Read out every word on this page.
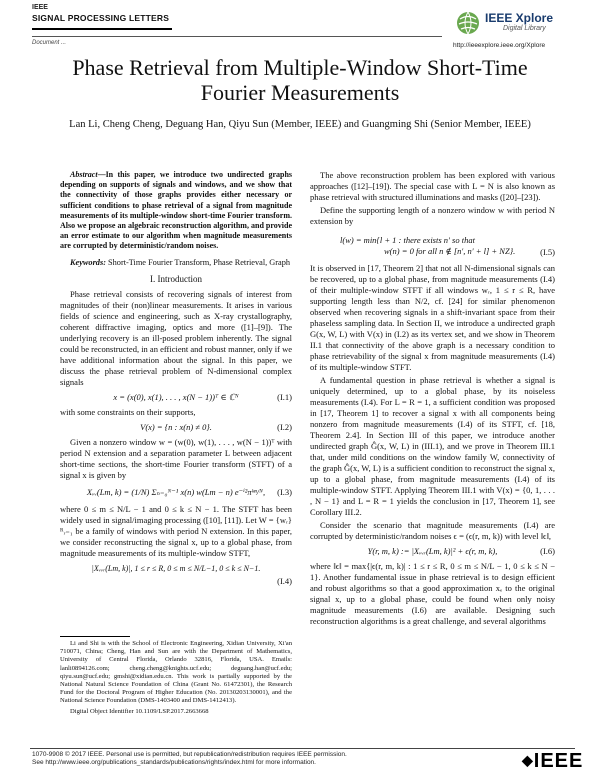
IEEE
SIGNAL PROCESSING LETTERS
Document ...
IEEE Xplore
Digital Library
http://ieeexplore.ieee.org/Xplore
Phase Retrieval from Multiple-Window Short-Time
Fourier Measurements
Lan Li, Cheng Cheng, Deguang Han, Qiyu Sun (Member, IEEE) and Guangming Shi (Senior Member, IEEE)

Abstract—In this paper, we introduce two undirected graphs depending on supports of signals and windows, and we show that the connectivity of those graphs provides either necessary or sufficient conditions to phase retrieval of a signal from magnitude measurements of its multiple-window short-time Fourier transform. Also we propose an algebraic reconstruction algorithm, and provide an error estimate to our algorithm when magnitude measurements are corrupted by deterministic/random noises.

Keywords: Short-Time Fourier Transform, Phase Retrieval, Graph

I. Introduction

Phase retrieval consists of recovering signals of interest from magnitudes of their (non)linear measurements. It arises in various fields of science and engineering, such as X-ray crystallography, coherent diffractive imaging, optics and more ([1]–[9]). The underlying recovery is an ill-posed problem inherently. The signal could be reconstructed, in an efficient and robust manner, only if we have additional information about the signal. In this paper, we discuss the phase retrieval problem of N-dimensional complex signals

x = (x(0), x(1), . . . , x(N − 1))ᵀ ∈ ℂᴺ	(I.1)

with some constraints on their supports,

V(x) = {n : x(n) ≠ 0}.	(I.2)

Given a nonzero window w = (w(0), w(1), . . . , w(N − 1))ᵀ with period N extension and a separation parameter L between adjacent short-time sections, the short-time Fourier transform (STFT) of a signal x is given by

Xᵥᵥ(Lm, k) = (1/N) Σₙ₌₀ᴺ⁻¹ x(n) w(Lm − n) e⁻ⁱ²πᵏⁿ/ᴺ, (I.3)

where 0 ≤ m ≤ N/L − 1 and 0 ≤ k ≤ N − 1. The STFT has been widely used in signal/imaging processing ([10], [11]). Let W = {wᵣ}ᴿᵣ₌₁ be a family of windows with period N extension. In this paper, we consider reconstructing the signal x, up to a global phase, from magnitude measurements of its multiple-window STFT,

|Xᵥᵥᵣ(Lm, k)|, 1 ≤ r ≤ R, 0 ≤ m ≤ N/L−1, 0 ≤ k ≤ N−1.
(I.4)

Li and Shi is with the School of Electronic Engineering, Xidian University, Xi'an 710071, China; Cheng, Han and Sun are with the Department of Mathematics, University of Central Florida, Orlando 32816, Florida, USA. Emails: lanli0894126.com; cheng.cheng@knights.ucf.edu; deguang.han@ucf.edu; qiyu.sun@ucf.edu; gmshi@xidian.edu.cn. This work is partially supported by the National Natural Science Foundation of China (Grant No. 61472301), the Research Fund for the Doctoral Program of Higher Education (No. 20130203130001), and the National Science Foundation (DMS-1403400 and DMS-1412413).

Digital Object Identifier 10.1109/LSP.2017.2663668

The above reconstruction problem has been explored with various approaches ([12]–[19]). The special case with L = N is also known as phase retrieval with structured illuminations and masks ([20]–[23]).

Define the supporting length of a nonzero window w with period N extension by

l(w) = min{l + 1 : there exists n′ so that
w(n) = 0 for all n ∉ [n′, n′ + l] + NZ}.	(I.5)

It is observed in [17, Theorem 2] that not all N-dimensional signals can be recovered, up to a global phase, from magnitude measurements (I.4) of their multiple-window STFT if all windows wᵣ, 1 ≤ r ≤ R, have supporting length less than N/2, cf. [24] for similar phenomenon observed when recovering signals in a shift-invariant space from their phaseless sampling data. In Section II, we introduce a undirected graph G(x, W, L) with V(x) in (I.2) as its vertex set, and we show in Theorem II.1 that connectivity of the above graph is a necessary condition to phase retrievability of the signal x from magnitude measurements (I.4) of its multiple-window STFT.

A fundamental question in phase retrieval is whether a signal is uniquely determined, up to a global phase, by its noiseless measurements (I.4). For L = R = 1, a sufficient condition was proposed in [17, Theorem 1] to recover a signal x with all components being nonzero from magnitude measurements (I.4) of its STFT, cf. [18, Theorem 2.4]. In Section III of this paper, we introduce another undirected graph Ĝ(x, W, L) in (III.1), and we prove in Theorem III.1 that, under mild conditions on the window family W, connectivity of the graph Ĝ(x, W, L) is a sufficient condition to reconstruct the signal x, up to a global phase, from magnitude measurements (I.4) of its multiple-window STFT. Applying Theorem III.1 with V(x) = {0, 1, . . . , N − 1} and L = R = 1 yields the conclusion in [17, Theorem 1], see Corollary III.2.

Consider the scenario that magnitude measurements (I.4) are corrupted by deterministic/random noises ϵ = (ϵ(r, m, k)) with level ‖ϵ‖,

Y(r, m, k) := |Xᵥᵥᵣ(Lm, k)|² + ϵ(r, m, k),	(I.6)

where ‖ϵ‖ = max{|ϵ(r, m, k)| : 1 ≤ r ≤ R, 0 ≤ m ≤ N/L − 1, 0 ≤ k ≤ N − 1}. Another fundamental issue in phase retrieval is to design efficient and robust algorithms so that a good approximation xₑ to the original signal x, up to a global phase, could be found when only noisy magnitude measurements (I.6) are available. Designing such reconstruction algorithms is a great challenge, and several algorithms

1070-9908 © 2017 IEEE. Personal use is permitted, but republication/redistribution requires IEEE permission.
See http://www.ieee.org/publications_standards/publications/rights/index.html for more information.	◆IEEE
